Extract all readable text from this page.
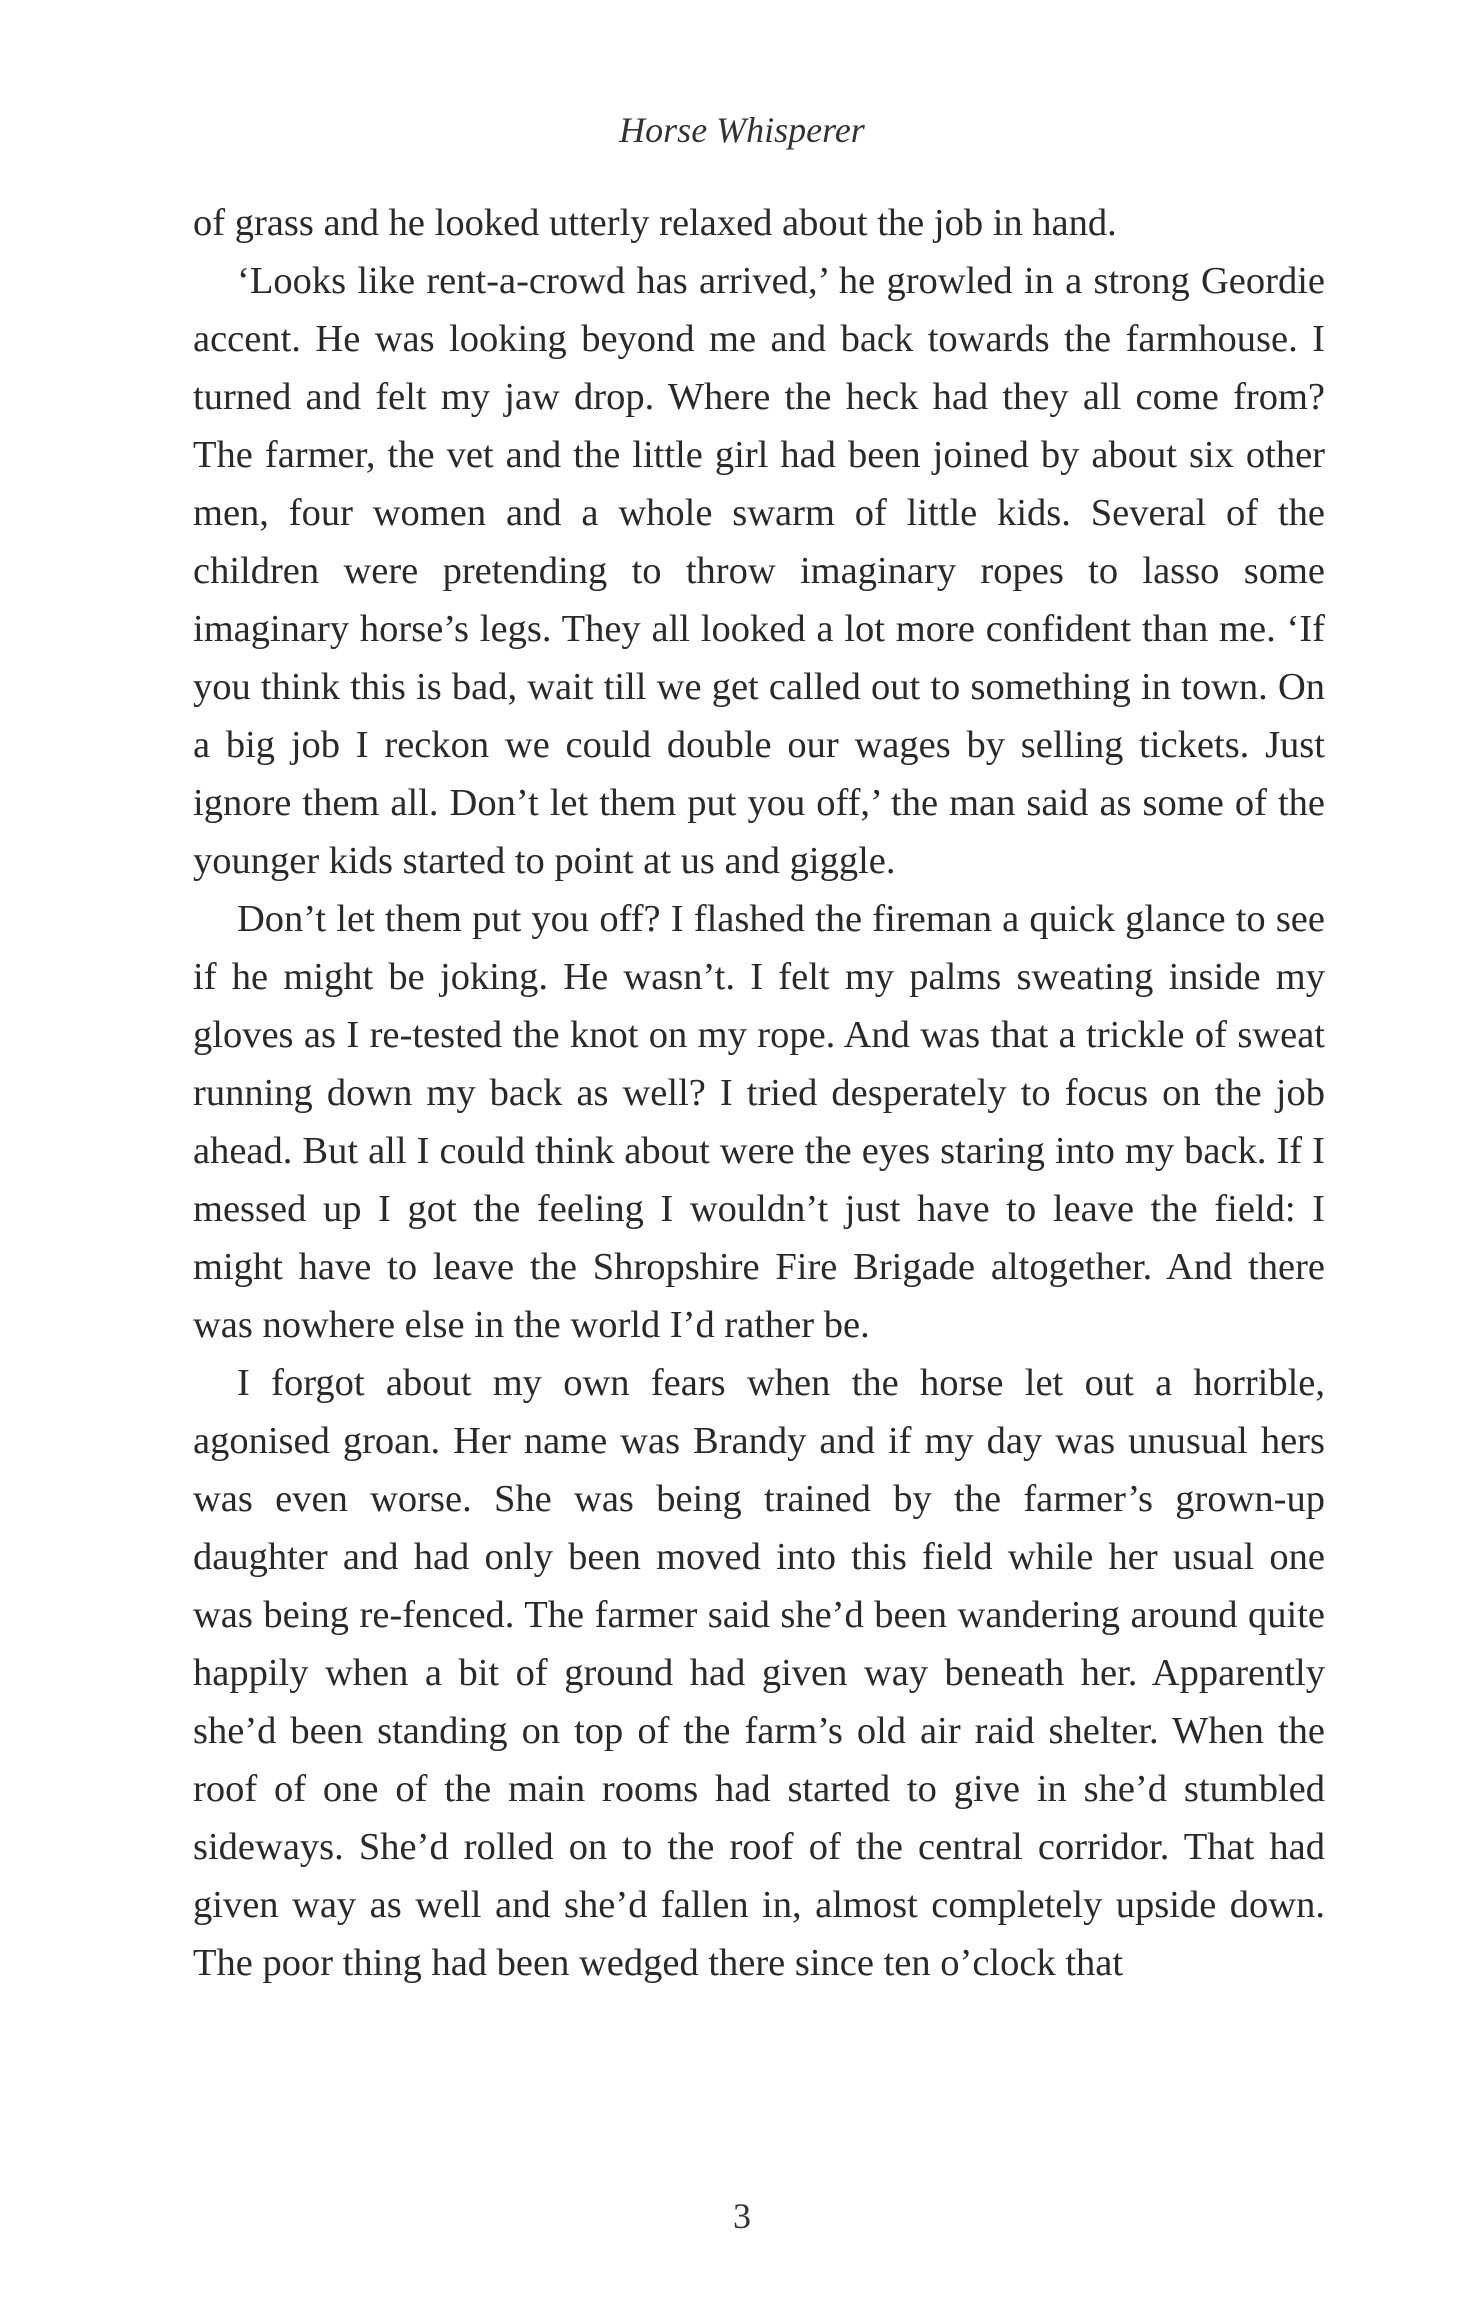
Horse Whisperer

of grass and he looked utterly relaxed about the job in hand.

‘Looks like rent-a-crowd has arrived,’ he growled in a strong Geordie accent. He was looking beyond me and back towards the farmhouse. I turned and felt my jaw drop. Where the heck had they all come from? The farmer, the vet and the little girl had been joined by about six other men, four women and a whole swarm of little kids. Several of the children were pretending to throw imaginary ropes to lasso some imaginary horse’s legs. They all looked a lot more confident than me. ‘If you think this is bad, wait till we get called out to something in town. On a big job I reckon we could double our wages by selling tickets. Just ignore them all. Don’t let them put you off,’ the man said as some of the younger kids started to point at us and giggle.

Don’t let them put you off? I flashed the fireman a quick glance to see if he might be joking. He wasn’t. I felt my palms sweating inside my gloves as I re-tested the knot on my rope. And was that a trickle of sweat running down my back as well? I tried desperately to focus on the job ahead. But all I could think about were the eyes staring into my back. If I messed up I got the feeling I wouldn’t just have to leave the field: I might have to leave the Shropshire Fire Brigade altogether. And there was nowhere else in the world I’d rather be.

I forgot about my own fears when the horse let out a horrible, agonised groan. Her name was Brandy and if my day was unusual hers was even worse. She was being trained by the farmer’s grown-up daughter and had only been moved into this field while her usual one was being re-fenced. The farmer said she’d been wandering around quite happily when a bit of ground had given way beneath her. Apparently she’d been standing on top of the farm’s old air raid shelter. When the roof of one of the main rooms had started to give in she’d stumbled sideways. She’d rolled on to the roof of the central corridor. That had given way as well and she’d fallen in, almost completely upside down. The poor thing had been wedged there since ten o’clock that

3
